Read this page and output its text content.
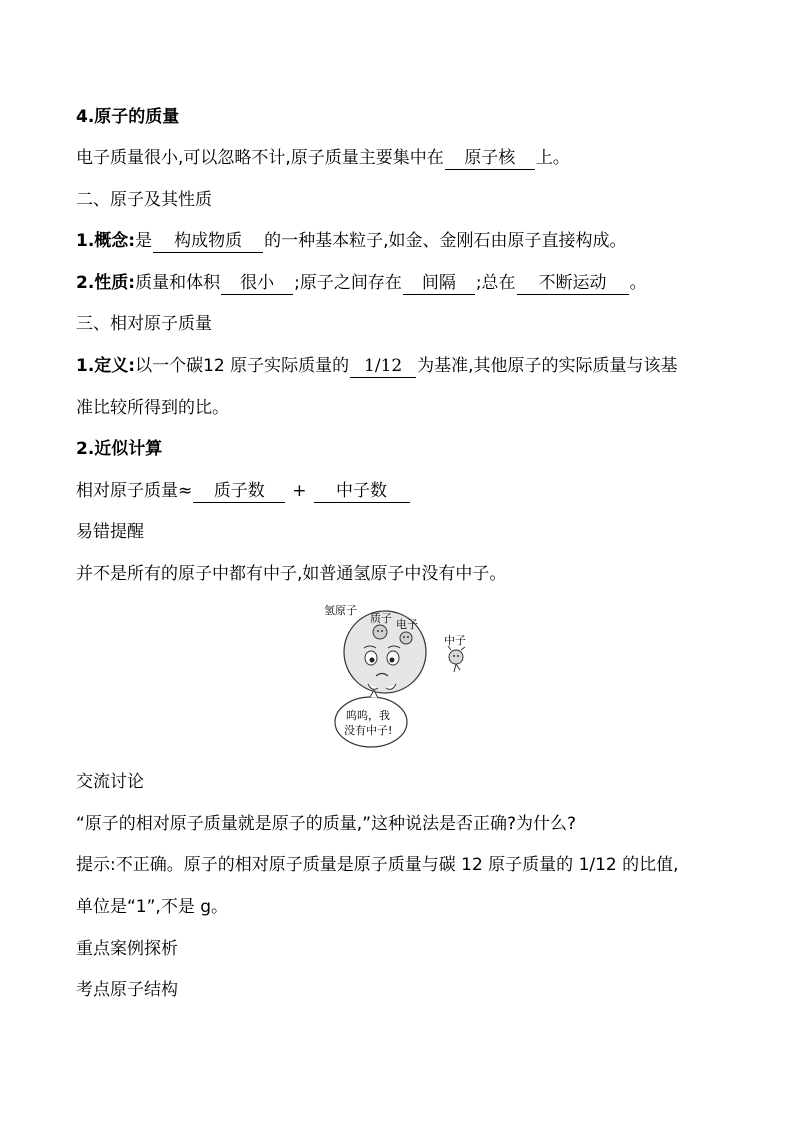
4.原子的质量
电子质量很小,可以忽略不计,原子质量主要集中在 原子核 上。
二、原子及其性质
1.概念:是 构成物质 的一种基本粒子,如金、金刚石由原子直接构成。
2.性质:质量和体积 很小 ;原子之间存在 间隔 ;总在 不断运动 。
三、相对原子质量
1.定义:以一个碳12 原子实际质量的 1/12 为基准,其他原子的实际质量与该基
准比较所得到的比。
2.近似计算
相对原子质量≈ 质子数 + 中子数
易错提醒
并不是所有的原子中都有中子,如普通氢原子中没有中子。
交流讨论
“原子的相对原子质量就是原子的质量,”这种说法是否正确?为什么?
提示:不正确。原子的相对原子质量是原子质量与碳 12 原子质量的 1/12 的比值,
单位是“1”,不是 g。
重点案例探析
考点原子结构
氢原子
质子 电子
中子
呜呜，我
没有中子!
